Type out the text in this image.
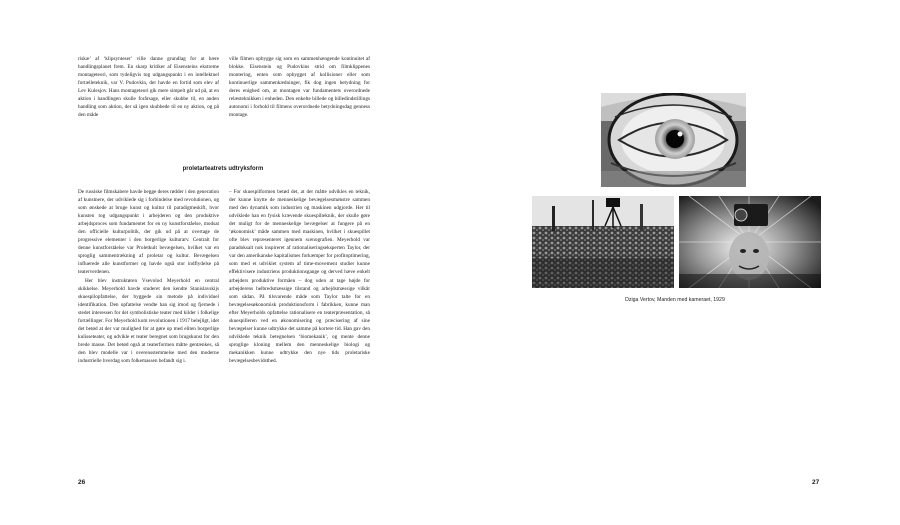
riskæ’ af ‘klipsynteser’ ville danne grundlag for at bære handlingsplanet frem. En skarp kritiker af Eisensteins ekstreme montageteori, som tydeligvis tog udgangspunkt i en intellektuel fortælleteknik, var V. Pudovkin, der havde en fortid som elev af Lev Kulesjov. Hans montageteori gik mere simpelt går ud på, at en aktion i handlingen skulle forårsage, eller skubbe til, en anden handling som aktion, der så igen skubbede til en ny aktion, og på den måde

ville filmen opbygge sig som en sammenhængende kontinuitet af blokke. Eisenstein og Pudovkins strid om filmklippenes montering, enten som opbygget af kollisioner eller som kontinuerlige sammenkædninger, fik dog ingen betydning for deres enighed om, at montagen var fundamentets overordnede relæsteknikken i enheden. Den enkelte billede og billedindstillings autonomi i forhold til filmens overordnede betydningsdag genness montage.

proletarteatrets udtryksform

De russiske filmskabere havde begge deres rødder i den generation af kunstnere, der udviklede sig i forbindelse med revolutionen, og som ønskede at bruge kunst og kultur til paradigmeskift, hvor kunsten tog udgangspunkt i arbejderen og den produktive arbejdsproces som fundamentet for en ny kunstforståelse, modsat den officielle kulturpolitik, der gik ud på at overtage de progressive elementer i den borgerlige kulturarv. Centralt for denne kunstforståelse var Proletkult bevægelsen, hvilket var en sproglig sammentrækning af proletar og kultur. Bevægelsen influerede alle kunstformer og havde også stor indflydelse på teaterverdenen.

Her blev instruktøren Vsevolod Meyerhold en central skikkelse. Meyerhold havde studeret den kendte Stanislavskijs skuespilopfattelse, der byggede sin metode på individuel identifikation. Den opfattelse vendte han sig imod og fjernede i stedet interessen for det symbolistiske teater med kilder i folkelige fortællinger. For Meyerhold kom revolutionen i 1917 belejligt, idet det betød at der var mulighed for at gøre op med eliten borgerlige kulisseteater, og udvikle et teater beregnet som brugskunst for den brede masse. Det betød også at teaterformen måtte gentænkes, så den blev modelle var i overensstemmelse med den moderne industrielle hverdag som folkemassen befandt sig i.

– For skuespilformen betød det, at der måtte udvikles en teknik, der kunne knytte de menneskelige bevægelsesmønstre sammen med den dynamik som industrien og maskinen udgjorde. Her til udviklede han en fysisk krævende skuespilteknik, der skulle gøre det muligt for de menneskelige bevægelser at fungere på en ‘økonomisk’ måde sammen med maskinen, hvilket i skuespillet ofte blev repræsenteret igennem scenografien. Meyerhold var paradoksalt nok inspireret af rationaliseringseksperten Taylor, der var den amerikanske kapitalismes forkæmper for profitoptimering, som med et udviklet system af time-movement studier kunne effektivisere industriens produktionsgange og derved hæve enkelt arbejders produktive formåen – dog uden at tage højde for arbejderens helbredsmæssige tilstand og arbejdsmæssige vilkår som sådan. På tilsvarende måde som Taylor talte for en bevægelsesøkonomisk produktionsform i fabrikken, kunne man efter Meyerholds opfattelse rationalisere en teaterpræsentation, så skuespilleren ved en økonomisering og præcisering af sine bevægelser kunne udtrykke det samme på kortere tid. Han gav den udviklede teknik betegnelsen ‘biomekanik’, og mente denne sproglige kloning mellem den menneskelige biologi og mekanikken kunne udtrykke den nye tids proletariske bevægelsesbevidsthed.

26
Dziga Vertov, Manden med kameraet, 1929
27
